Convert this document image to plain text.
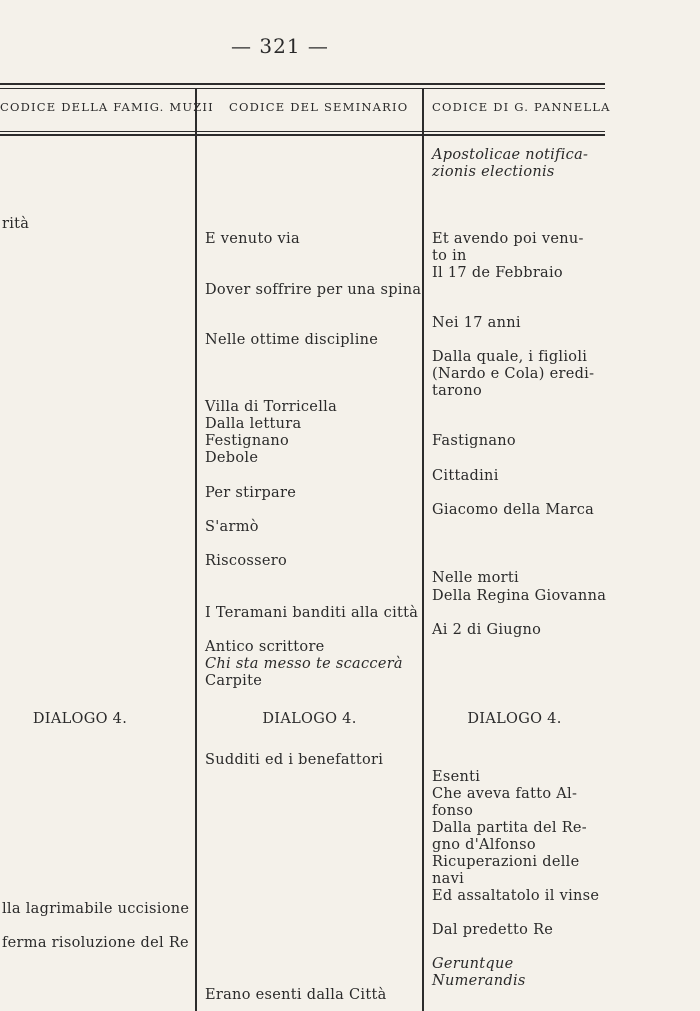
— 321 —
CODICE DELLA FAMIG. MUZII CODICE DEL SEMINARIO CODICE DI G. PANNELLA
rità
DIALOGO 4.
lla lagrimabile uccisione
ferma risoluzione del Re
E venuto via
Dover soffrire per una spina
Nelle ottime discipline
Villa di Torricella
Dalla lettura
Festignano
Debole
Per stirpare
S'armò
Riscossero
I Teramani banditi alla città
Antico scrittore
Chi sta messo te scaccerà
Carpite
DIALOGO 4.
Sudditi ed i benefattori
Erano esenti dalla Città
Apostolicae notifica-
zionis electionis
Et avendo poi venu-
to in
Il 17 de Febbraio
Nei 17 anni
Dalla quale, i figlioli
(Nardo e Cola) eredi-
tarono
Fastignano
Cittadini
Giacomo della Marca
Nelle morti
Della Regina Giovanna
Ai 2 di Giugno
DIALOGO 4.
Esenti
Che aveva fatto Al-
fonso
Dalla partita del Re-
gno d'Alfonso
Ricuperazioni delle
navi
Ed assaltatolo il vinse
Dal predetto Re
Geruntque
Numerandis
